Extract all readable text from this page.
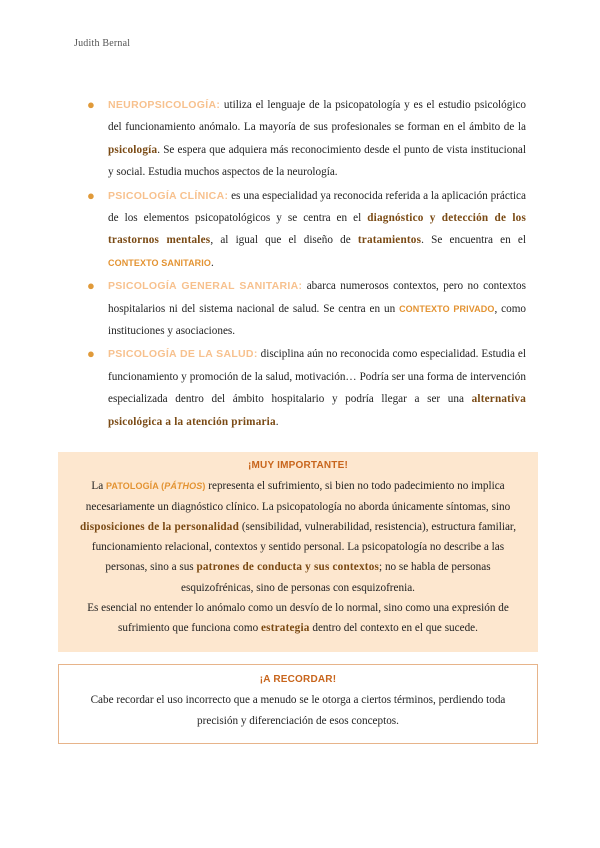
Judith Bernal
● NEUROPSICOLOGÍA: utiliza el lenguaje de la psicopatología y es el estudio psicológico del funcionamiento anómalo. La mayoría de sus profesionales se forman en el ámbito de la psicología. Se espera que adquiera más reconocimiento desde el punto de vista institucional y social. Estudia muchos aspectos de la neurología.
● PSICOLOGÍA CLÍNICA: es una especialidad ya reconocida referida a la aplicación práctica de los elementos psicopatológicos y se centra en el diagnóstico y detección de los trastornos mentales, al igual que el diseño de tratamientos. Se encuentra en el CONTEXTO SANITARIO.
● PSICOLOGÍA GENERAL SANITARIA: abarca numerosos contextos, pero no contextos hospitalarios ni del sistema nacional de salud. Se centra en un CONTEXTO PRIVADO, como instituciones y asociaciones.
● PSICOLOGÍA DE LA SALUD: disciplina aún no reconocida como especialidad. Estudia el funcionamiento y promoción de la salud, motivación… Podría ser una forma de intervención especializada dentro del ámbito hospitalario y podría llegar a ser una alternativa psicológica a la atención primaria.
¡MUY IMPORTANTE!

La PATOLOGÍA (PÁTHOS) representa el sufrimiento, si bien no todo padecimiento no implica necesariamente un diagnóstico clínico. La psicopatología no aborda únicamente síntomas, sino disposiciones de la personalidad (sensibilidad, vulnerabilidad, resistencia), estructura familiar, funcionamiento relacional, contextos y sentido personal. La psicopatología no describe a las personas, sino a sus patrones de conducta y sus contextos; no se habla de personas esquizofrénicas, sino de personas con esquizofrenia.

Es esencial no entender lo anómalo como un desvío de lo normal, sino como una expresión de sufrimiento que funciona como estrategia dentro del contexto en el que sucede.

¡A RECORDAR!

Cabe recordar el uso incorrecto que a menudo se le otorga a ciertos términos, perdiendo toda precisión y diferenciación de esos conceptos.
